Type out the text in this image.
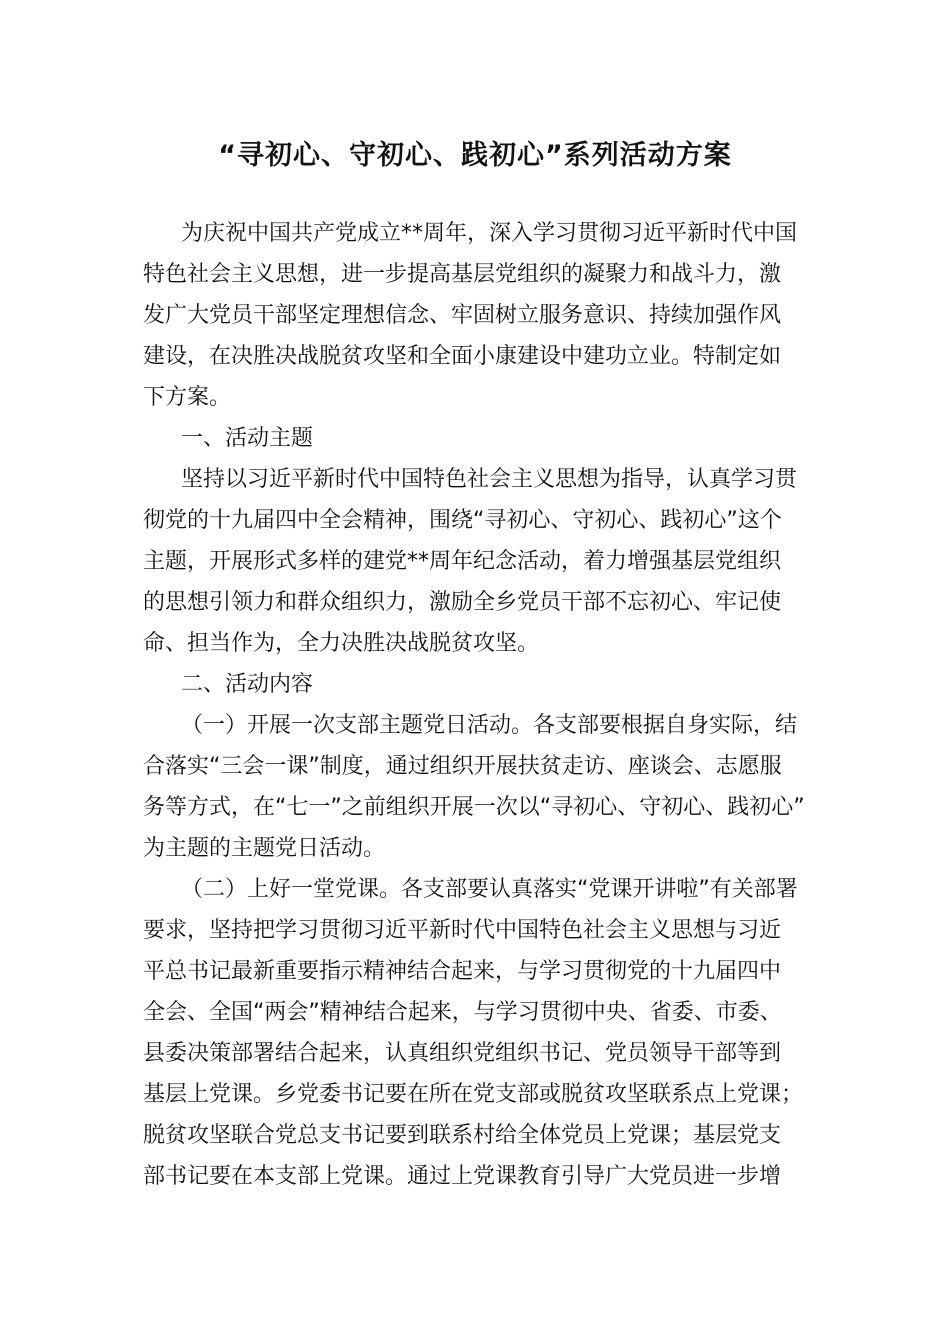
“寻初心、守初心、践初心”系列活动方案
为庆祝中国共产党成立**周年，深入学习贯彻习近平新时代中国
特色社会主义思想，进一步提高基层党组织的凝聚力和战斗力，激
发广大党员干部坚定理想信念、牢固树立服务意识、持续加强作风
建设，在决胜决战脱贫攻坚和全面小康建设中建功立业。特制定如
下方案。
一、活动主题
坚持以习近平新时代中国特色社会主义思想为指导，认真学习贯
彻党的十九届四中全会精神，围绕“寻初心、守初心、践初心”这个
主题，开展形式多样的建党**周年纪念活动，着力增强基层党组织
的思想引领力和群众组织力，激励全乡党员干部不忘初心、牢记使
命、担当作为，全力决胜决战脱贫攻坚。
二、活动内容
（一）开展一次支部主题党日活动。各支部要根据自身实际，结
合落实“三会一课”制度，通过组织开展扶贫走访、座谈会、志愿服
务等方式，在“七一”之前组织开展一次以“寻初心、守初心、践初心”
为主题的主题党日活动。
（二）上好一堂党课。各支部要认真落实“党课开讲啦”有关部署
要求，坚持把学习贯彻习近平新时代中国特色社会主义思想与习近
平总书记最新重要指示精神结合起来，与学习贯彻党的十九届四中
全会、全国“两会”精神结合起来，与学习贯彻中央、省委、市委、
县委决策部署结合起来，认真组织党组织书记、党员领导干部等到
基层上党课。乡党委书记要在所在党支部或脱贫攻坚联系点上党课；
脱贫攻坚联合党总支书记要到联系村给全体党员上党课；基层党支
部书记要在本支部上党课。通过上党课教育引导广大党员进一步增
